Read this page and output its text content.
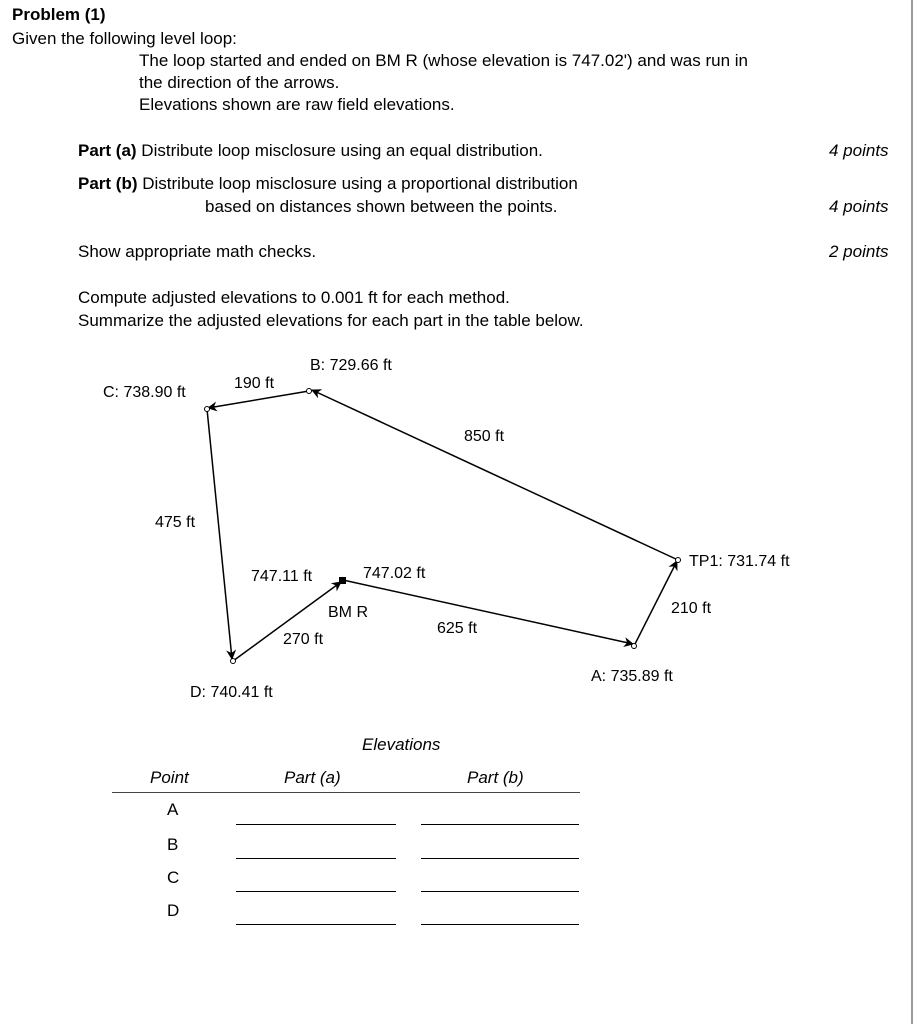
Problem (1)
Given the following level loop:
The loop started and ended on BM R (whose elevation is 747.02') and was run in
the direction of the arrows.
Elevations shown are raw field elevations.
Part (a) Distribute loop misclosure using an equal distribution.	4 points
Part (b) Distribute loop misclosure using a proportional distribution
based on distances shown between the points.	4 points
Show appropriate math checks.	2 points
Compute adjusted elevations to 0.001 ft for each method.
Summarize the adjusted elevations for each part in the table below.
B: 729.66 ft
C: 738.90 ft
190 ft
850 ft
475 ft
TP1: 731.74 ft
747.11 ft	747.02 ft
BM R	210 ft
625 ft
270 ft
A: 735.89 ft
D: 740.41 ft
Elevations
Point	Part (a)	Part (b)
A
B
C
D
